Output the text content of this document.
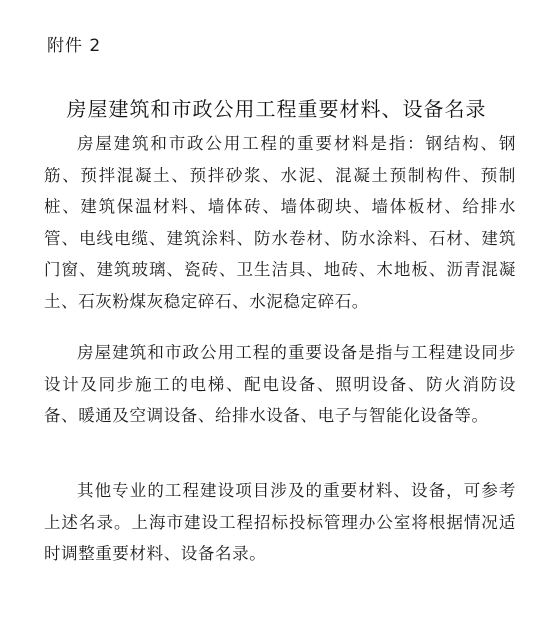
附件 2
房屋建筑和市政公用工程重要材料、设备名录

房屋建筑和市政公用工程的重要材料是指：钢结构、钢筋、预拌混凝土、预拌砂浆、水泥、混凝土预制构件、预制桩、建筑保温材料、墙体砖、墙体砌块、墙体板材、给排水管、电线电缆、建筑涂料、防水卷材、防水涂料、石材、建筑门窗、建筑玻璃、瓷砖、卫生洁具、地砖、木地板、沥青混凝土、石灰粉煤灰稳定碎石、水泥稳定碎石。

房屋建筑和市政公用工程的重要设备是指与工程建设同步设计及同步施工的电梯、配电设备、照明设备、防火消防设备、暖通及空调设备、给排水设备、电子与智能化设备等。

其他专业的工程建设项目涉及的重要材料、设备，可参考上述名录。上海市建设工程招标投标管理办公室将根据情况适时调整重要材料、设备名录。
